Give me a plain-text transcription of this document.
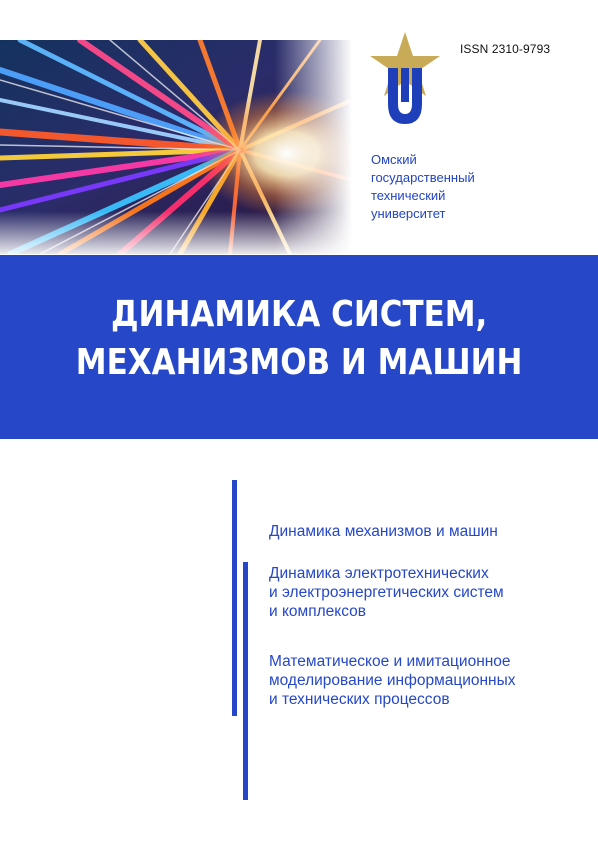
ISSN 2310-9793
Омский
государственный
технический
университет
ДИНАМИКА СИСТЕМ,
МЕХАНИЗМОВ И МАШИН
Динамика механизмов и машин
Динамика электротехнических
и электроэнергетических систем
и комплексов
Математическое и имитационное
моделирование информационных
и технических процессов
